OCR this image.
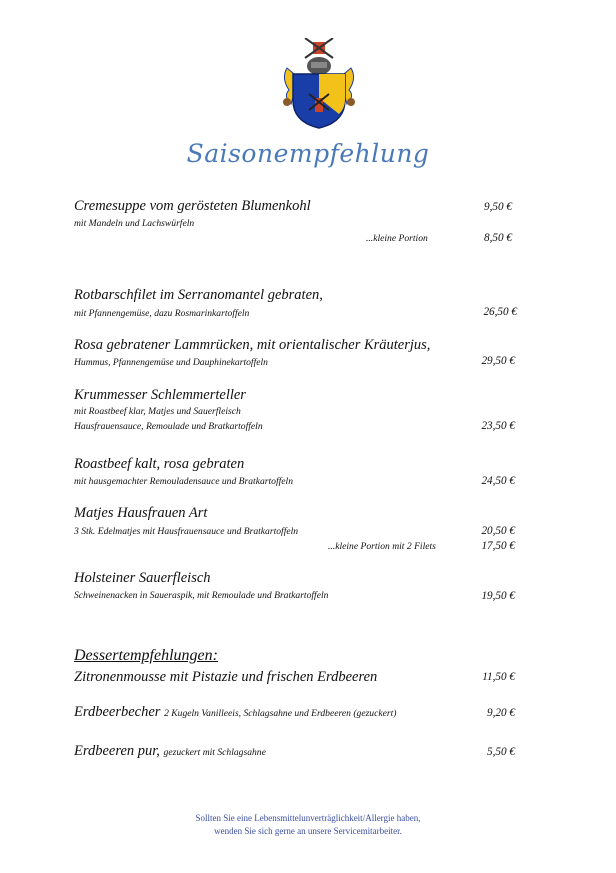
Saisonempfehlung
Cremesuppe vom gerösteten Blumenkohl
mit Mandeln und Lachswürfeln
9,50 €
...kleine Portion	8,50 €
Rotbarschfilet im Serranomantel gebraten,
mit Pfannengemüse, dazu Rosmarinkartoffeln	26,50 €
Rosa gebratener Lammrücken, mit orientalischer Kräuterjus,
Hummus, Pfannengemüse und Dauphinekartoffeln	29,50 €
Krummesser Schlemmerteller
mit Roastbeef klar, Matjes und Sauerfleisch
Hausfrauensauce, Remoulade und Bratkartoffeln	23,50 €
Roastbeef kalt, rosa gebraten
mit hausgemachter Remouladensauce und Bratkartoffeln	24,50 €
Matjes Hausfrauen Art
3 Stk. Edelmatjes mit Hausfrauensauce und Bratkartoffeln	20,50 €
...kleine Portion mit 2 Filets	17,50 €
Holsteiner Sauerfleisch
Schweinenacken in Saueraspik, mit Remoulade und Bratkartoffeln	19,50 €
Dessertempfehlungen:
Zitronenmousse mit Pistazie und frischen Erdbeeren	11,50 €
Erdbeerbecher 2 Kugeln Vanilleeis, Schlagsahne und Erdbeeren (gezuckert)	9,20 €
Erdbeeren pur, gezuckert mit Schlagsahne	5,50 €
Sollten Sie eine Lebensmittelunverträglichkeit/Allergie haben,
wenden Sie sich gerne an unsere Servicemitarbeiter.
